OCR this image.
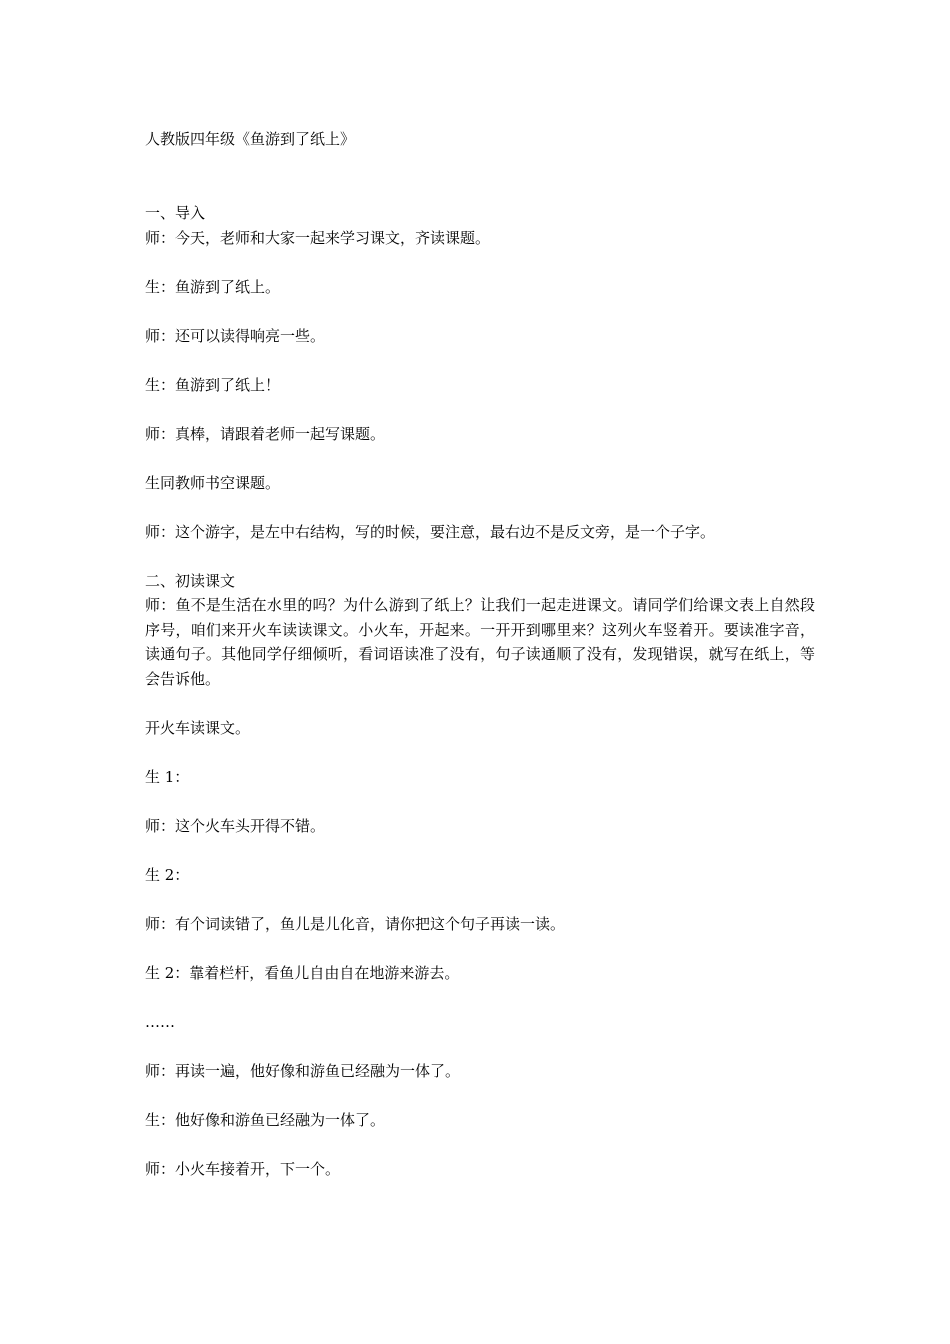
人教版四年级《鱼游到了纸上》

一、导入

师：今天，老师和大家一起来学习课文，齐读课题。

生：鱼游到了纸上。

师：还可以读得响亮一些。

生：鱼游到了纸上！

师：真棒，请跟着老师一起写课题。

生同教师书空课题。

师：这个游字，是左中右结构，写的时候，要注意，最右边不是反文旁，是一个子字。

二、初读课文

师：鱼不是生活在水里的吗？为什么游到了纸上？让我们一起走进课文。请同学们给课文表上自然段序号，咱们来开火车读读课文。小火车，开起来。一开开到哪里来？这列火车竖着开。要读准字音，读通句子。其他同学仔细倾听，看词语读准了没有，句子读通顺了没有，发现错误，就写在纸上，等会告诉他。

开火车读课文。

生 1：

师：这个火车头开得不错。

生 2：

师：有个词读错了，鱼儿是儿化音，请你把这个句子再读一读。

生 2：靠着栏杆，看鱼儿自由自在地游来游去。

……

师：再读一遍，他好像和游鱼已经融为一体了。

生：他好像和游鱼已经融为一体了。

师：小火车接着开，下一个。
